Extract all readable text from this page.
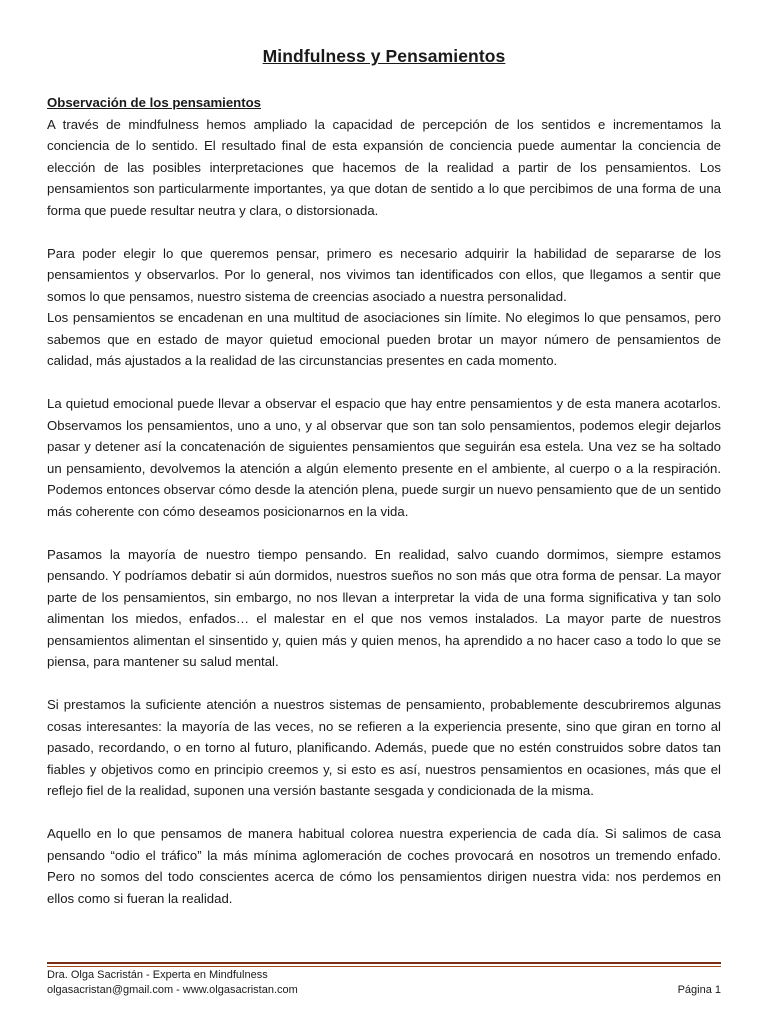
Mindfulness y Pensamientos

Observación de los pensamientos

A través de mindfulness hemos ampliado la capacidad de percepción de los sentidos e incrementamos la conciencia de lo sentido. El resultado final de esta expansión de conciencia puede aumentar la conciencia de elección de las posibles interpretaciones que hacemos de la realidad a partir de los pensamientos. Los pensamientos son particularmente importantes, ya que dotan de sentido a lo que percibimos de una forma de una forma que puede resultar neutra y clara, o distorsionada.

Para poder elegir lo que queremos pensar, primero es necesario adquirir la habilidad de separarse de los pensamientos y observarlos. Por lo general, nos vivimos tan identificados con ellos, que llegamos a sentir que somos lo que pensamos, nuestro sistema de creencias asociado a nuestra personalidad.

Los pensamientos se encadenan en una multitud de asociaciones sin límite. No elegimos lo que pensamos, pero sabemos que en estado de mayor quietud emocional pueden brotar un mayor número de pensamientos de calidad, más ajustados a la realidad de las circunstancias presentes en cada momento.

La quietud emocional puede llevar a observar el espacio que hay entre pensamientos y de esta manera acotarlos. Observamos los pensamientos, uno a uno, y al observar que son tan solo pensamientos, podemos elegir dejarlos pasar y detener así la concatenación de siguientes pensamientos que seguirán esa estela. Una vez se ha soltado un pensamiento, devolvemos la atención a algún elemento presente en el ambiente, al cuerpo o a la respiración. Podemos entonces observar cómo desde la atención plena, puede surgir un nuevo pensamiento que de un sentido más coherente con cómo deseamos posicionarnos en la vida.

Pasamos la mayoría de nuestro tiempo pensando. En realidad, salvo cuando dormimos, siempre estamos pensando. Y podríamos debatir si aún dormidos, nuestros sueños no son más que otra forma de pensar. La mayor parte de los pensamientos, sin embargo, no nos llevan a interpretar la vida de una forma significativa y tan solo alimentan los miedos, enfados… el malestar en el que nos vemos instalados. La mayor parte de nuestros pensamientos alimentan el sinsentido y, quien más y quien menos, ha aprendido a no hacer caso a todo lo que se piensa, para mantener su salud mental.

Si prestamos la suficiente atención a nuestros sistemas de pensamiento, probablemente descubriremos algunas cosas interesantes: la mayoría de las veces, no se refieren a la experiencia presente, sino que giran en torno al pasado, recordando, o en torno al futuro, planificando. Además, puede que no estén construidos sobre datos tan fiables y objetivos como en principio creemos y, si esto es así, nuestros pensamientos en ocasiones, más que el reflejo fiel de la realidad, suponen una versión bastante sesgada y condicionada de la misma.

Aquello en lo que pensamos de manera habitual colorea nuestra experiencia de cada día. Si salimos de casa pensando “odio el tráfico” la más mínima aglomeración de coches provocará en nosotros un tremendo enfado. Pero no somos del todo conscientes acerca de cómo los pensamientos dirigen nuestra vida: nos perdemos en ellos como si fueran la realidad.

Dra. Olga Sacristán - Experta en Mindfulness
olgasacristan@gmail.com - www.olgasacristan.com	Página 1
